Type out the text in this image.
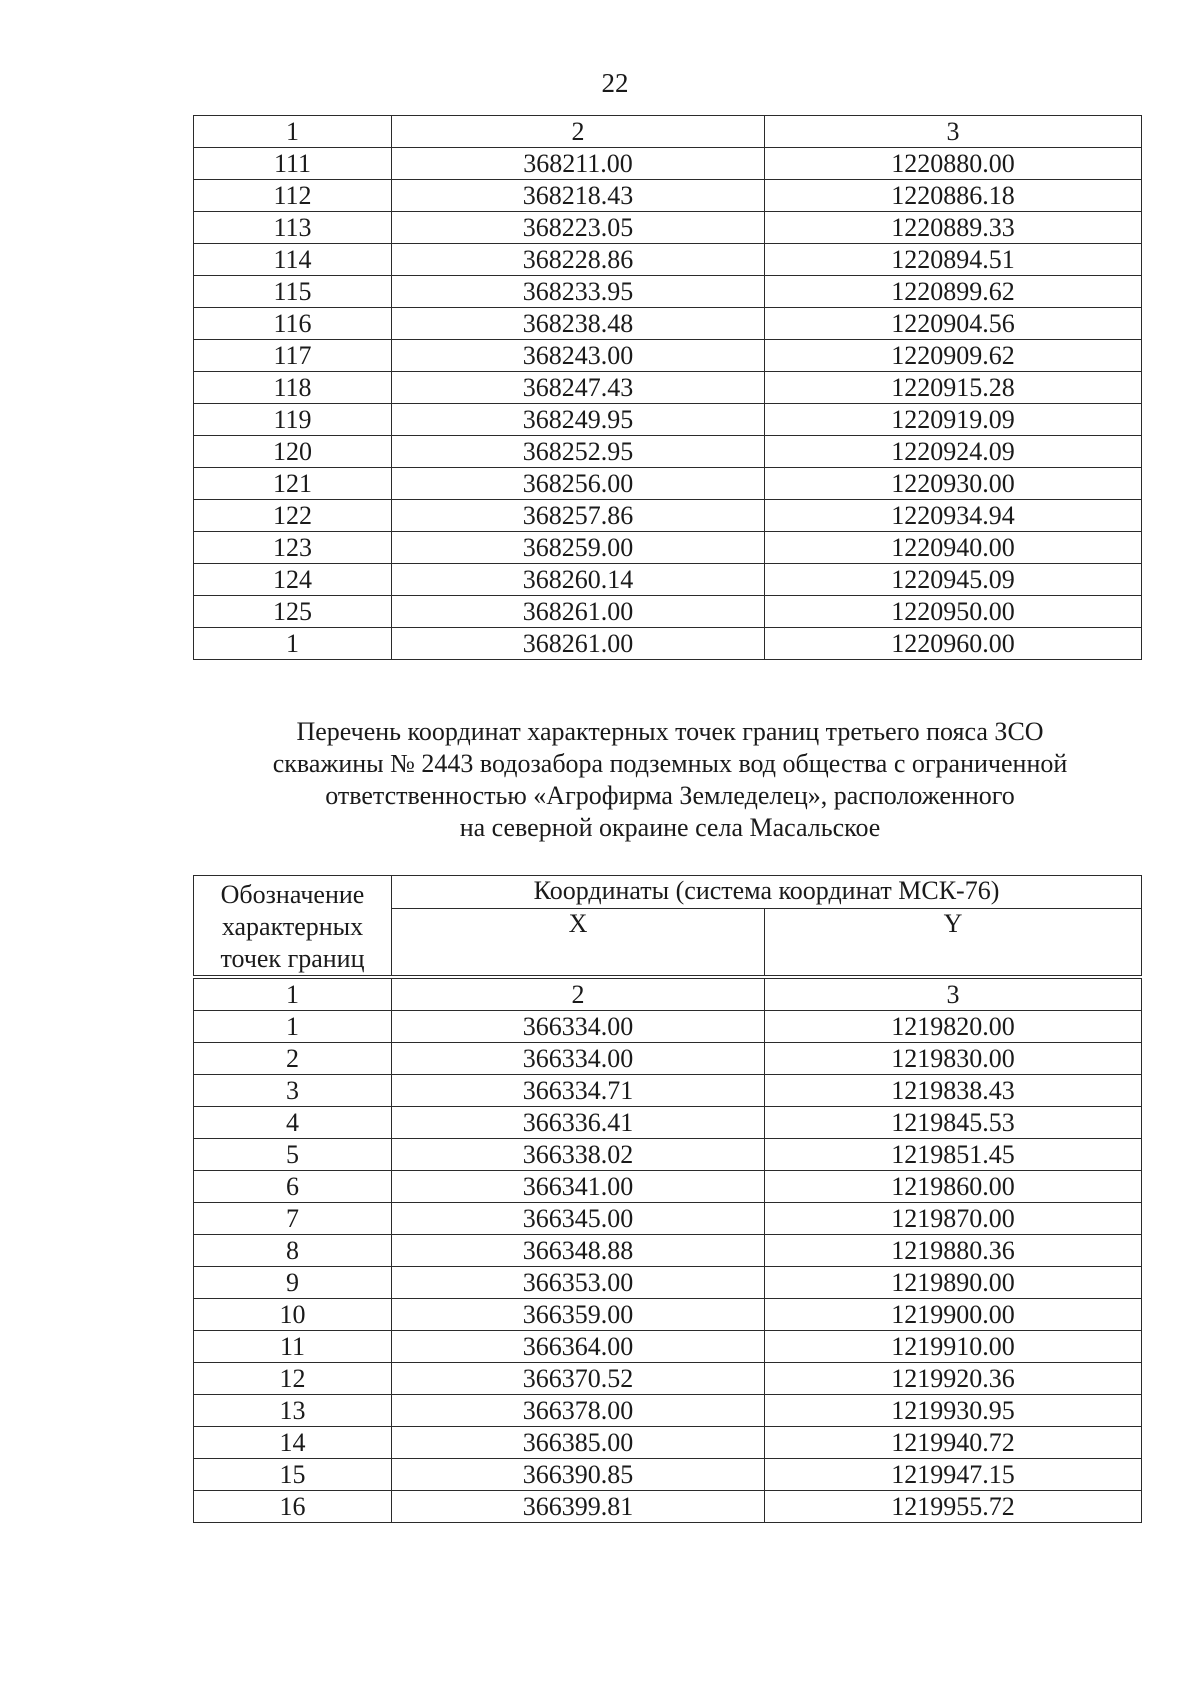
22
1	2	3
111	368211.00	1220880.00
112	368218.43	1220886.18
113	368223.05	1220889.33
114	368228.86	1220894.51
115	368233.95	1220899.62
116	368238.48	1220904.56
117	368243.00	1220909.62
118	368247.43	1220915.28
119	368249.95	1220919.09
120	368252.95	1220924.09
121	368256.00	1220930.00
122	368257.86	1220934.94
123	368259.00	1220940.00
124	368260.14	1220945.09
125	368261.00	1220950.00
1	368261.00	1220960.00
Перечень координат характерных точек границ третьего пояса ЗСО
скважины № 2443 водозабора подземных вод общества с ограниченной
ответственностью «Агрофирма Земледелец», расположенного
на северной окраине села Масальское
Обозначение характерных точек границ	Координаты (система координат МСК-76)	
	X	Y
1	2	3
1	366334.00	1219820.00
2	366334.00	1219830.00
3	366334.71	1219838.43
4	366336.41	1219845.53
5	366338.02	1219851.45
6	366341.00	1219860.00
7	366345.00	1219870.00
8	366348.88	1219880.36
9	366353.00	1219890.00
10	366359.00	1219900.00
11	366364.00	1219910.00
12	366370.52	1219920.36
13	366378.00	1219930.95
14	366385.00	1219940.72
15	366390.85	1219947.15
16	366399.81	1219955.72
